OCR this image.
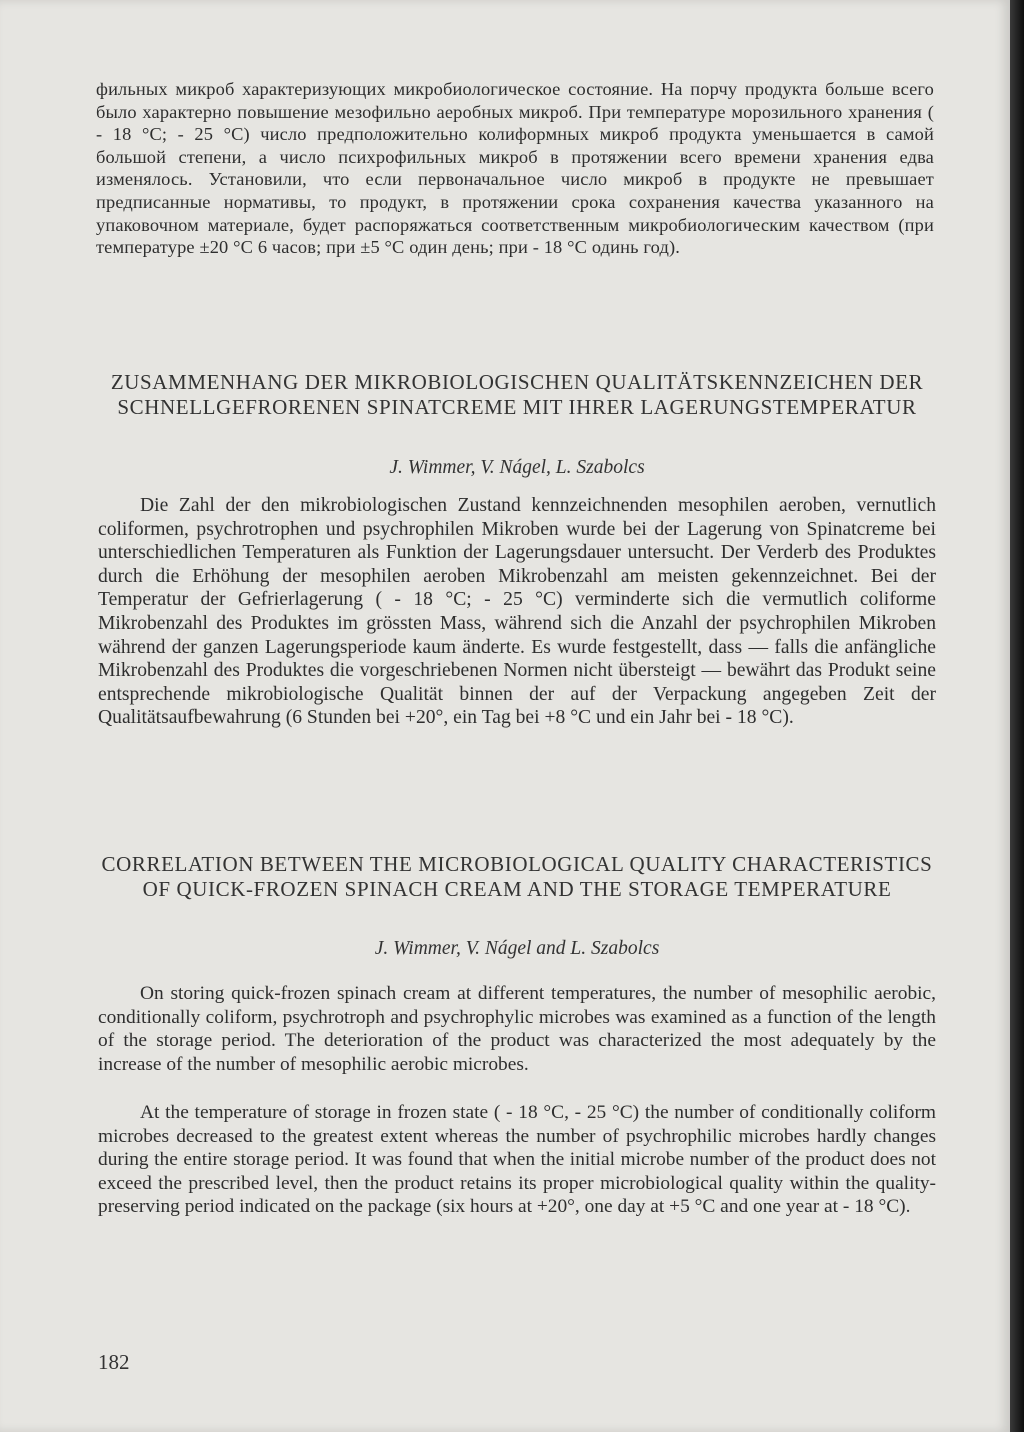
фильных микроб характеризующих микробиологическое состояние. На порчу продукта больше всего было характерно повышение мезофильно аеробных микроб. При температуре морозильного хранения ( - 18 °C; - 25 °C) число предположительно колиформных микроб продукта уменьшается в самой большой степени, а число психрофильных микроб в протяжении всего времени хранения едва изменялось. Установили, что если первоначальное число микроб в продукте не превышает предписанные нормативы, то продукт, в протяжении срока сохранения качества указанного на упаковочном материале, будет распоряжаться соответственным микробиологическим качеством (при температуре ±20 °C 6 часов; при ±5 °C один день; при - 18 °C одинь год).

ZUSAMMENHANG DER MIKROBIOLOGISCHEN QUALITÄTSKENNZEICHEN DER SCHNELLGEFRORENEN SPINATCREME MIT IHRER LAGERUNGSTEMPERATUR

J. Wimmer, V. Nágel, L. Szabolcs

Die Zahl der den mikrobiologischen Zustand kennzeichnenden mesophilen aeroben, vernutlich coliformen, psychrotrophen und psychrophilen Mikroben wurde bei der Lagerung von Spinatcreme bei unterschiedlichen Temperaturen als Funktion der Lagerungsdauer untersucht. Der Verderb des Produktes durch die Erhöhung der mesophilen aeroben Mikrobenzahl am meisten gekennzeichnet. Bei der Temperatur der Gefrierlagerung ( - 18 °C; - 25 °C) verminderte sich die vermutlich coliforme Mikrobenzahl des Produktes im grössten Mass, während sich die Anzahl der psychrophilen Mikroben während der ganzen Lagerungsperiode kaum änderte. Es wurde festgestellt, dass — falls die anfängliche Mikrobenzahl des Produktes die vorgeschriebenen Normen nicht übersteigt — bewährt das Produkt seine entsprechende mikrobiologische Qualität binnen der auf der Verpackung angegeben Zeit der Qualitätsaufbewahrung (6 Stunden bei +20°, ein Tag bei +8 °C und ein Jahr bei - 18 °C).

CORRELATION BETWEEN THE MICROBIOLOGICAL QUALITY CHARACTERISTICS OF QUICK-FROZEN SPINACH CREAM AND THE STORAGE TEMPERATURE

J. Wimmer, V. Nágel and L. Szabolcs

On storing quick-frozen spinach cream at different temperatures, the number of mesophilic aerobic, conditionally coliform, psychrotroph and psychrophylic microbes was examined as a function of the length of the storage period. The deterioration of the product was characterized the most adequately by the increase of the number of mesophilic aerobic microbes.

At the temperature of storage in frozen state ( - 18 °C, - 25 °C) the number of conditionally coliform microbes decreased to the greatest extent whereas the number of psychrophilic microbes hardly changes during the entire storage period. It was found that when the initial microbe number of the product does not exceed the prescribed level, then the product retains its proper microbiological quality within the quality-preserving period indicated on the package (six hours at +20°, one day at +5 °C and one year at - 18 °C).

182
